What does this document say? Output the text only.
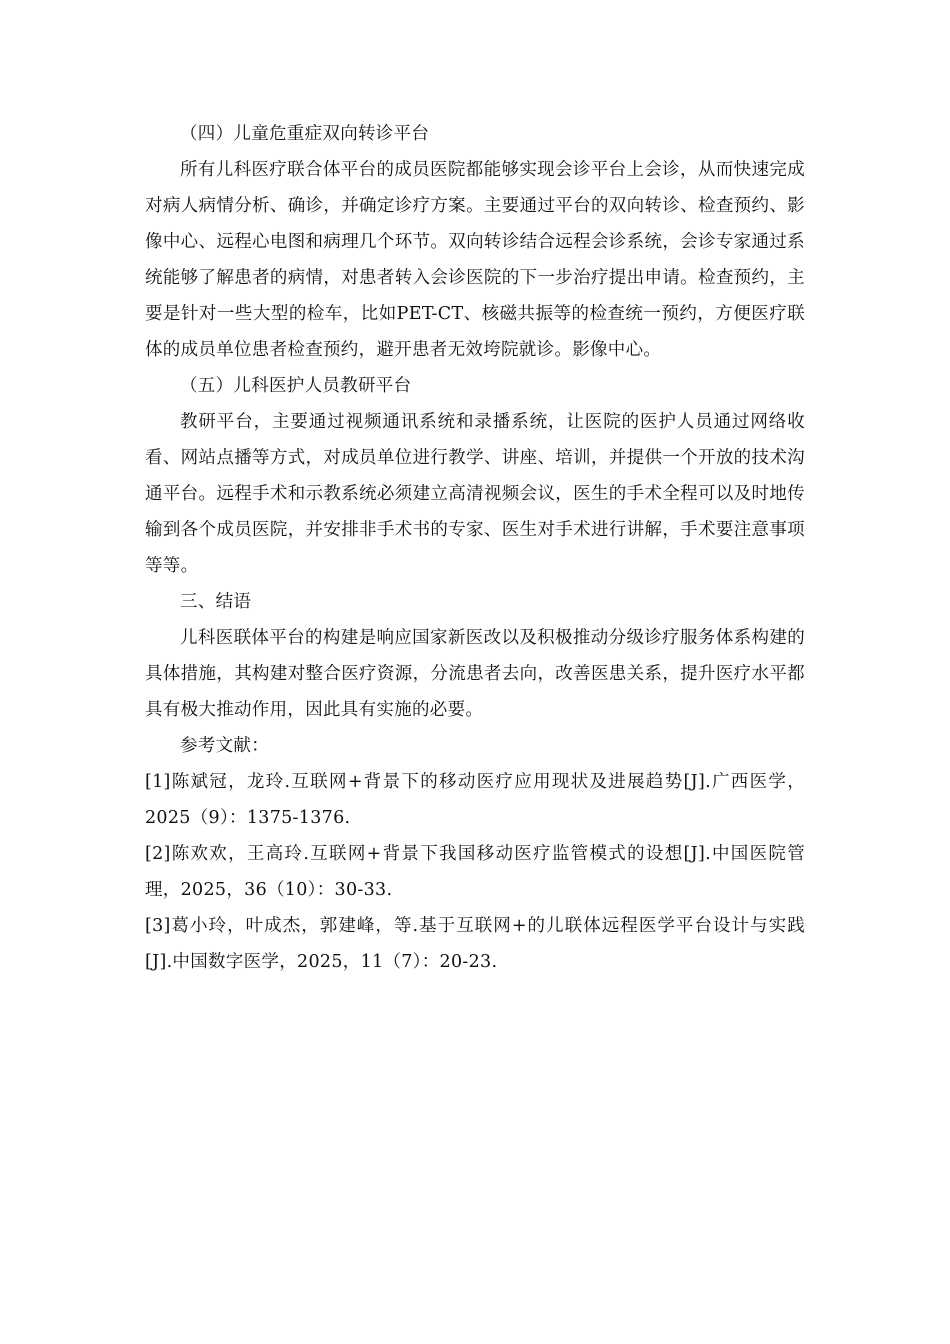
（四）儿童危重症双向转诊平台

所有儿科医疗联合体平台的成员医院都能够实现会诊平台上会诊，从而快速完成对病人病情分析、确诊，并确定诊疗方案。主要通过平台的双向转诊、检查预约、影像中心、远程心电图和病理几个环节。双向转诊结合远程会诊系统，会诊专家通过系统能够了解患者的病情，对患者转入会诊医院的下一步治疗提出申请。检查预约，主要是针对一些大型的检车，比如PET-CT、核磁共振等的检查统一预约，方便医疗联体的成员单位患者检查预约，避开患者无效垮院就诊。影像中心。

（五）儿科医护人员教研平台

教研平台，主要通过视频通讯系统和录播系统，让医院的医护人员通过网络收看、网站点播等方式，对成员单位进行教学、讲座、培训，并提供一个开放的技术沟通平台。远程手术和示教系统必须建立高清视频会议，医生的手术全程可以及时地传输到各个成员医院，并安排非手术书的专家、医生对手术进行讲解，手术要注意事项等等。

三、结语

儿科医联体平台的构建是响应国家新医改以及积极推动分级诊疗服务体系构建的具体措施，其构建对整合医疗资源，分流患者去向，改善医患关系，提升医疗水平都具有极大推动作用，因此具有实施的必要。

参考文献：

[1]陈斌冠，龙玲.互联网+背景下的移动医疗应用现状及进展趋势[J].广西医学，2025（9）：1375-1376.

[2]陈欢欢，王高玲.互联网+背景下我国移动医疗监管模式的设想[J].中国医院管理，2025，36（10）：30-33.

[3]葛小玲，叶成杰，郭建峰，等.基于互联网+的儿联体远程医学平台设计与实践[J].中国数字医学，2025，11（7）：20-23.
